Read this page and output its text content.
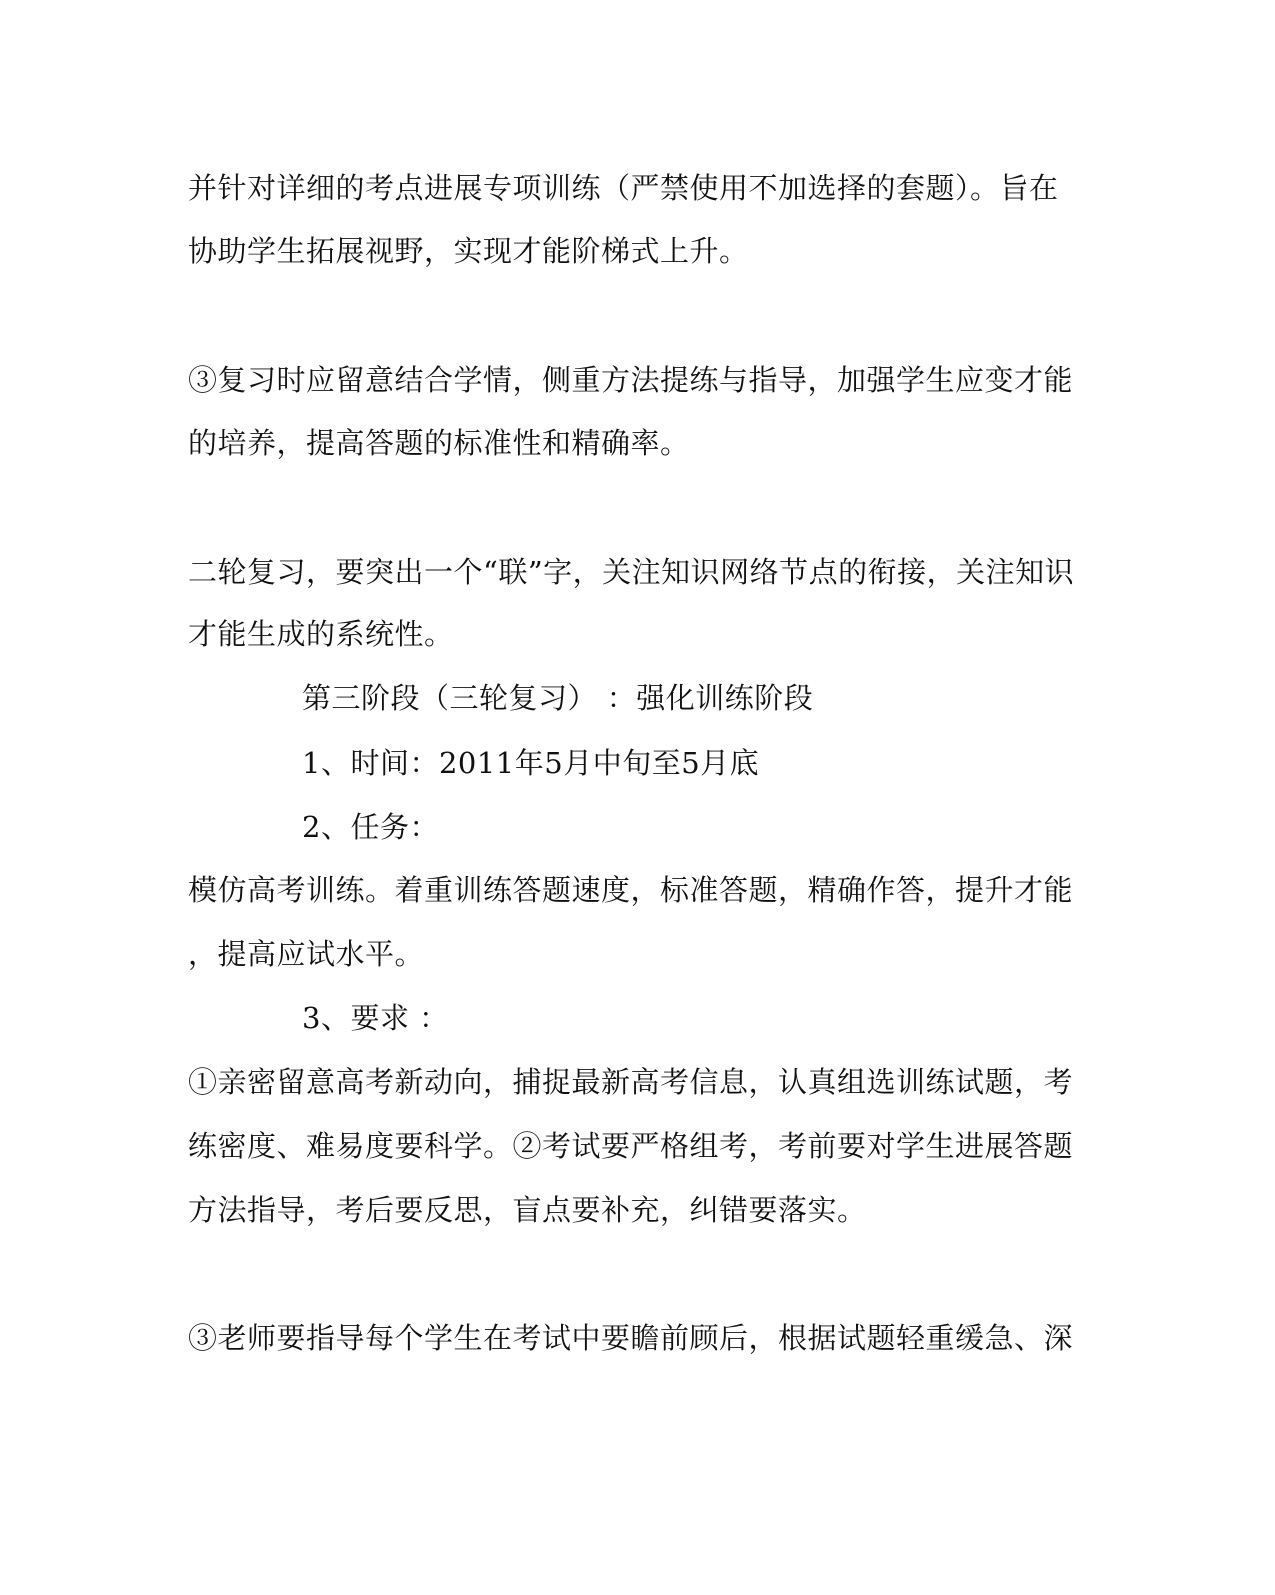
并针对详细的考点进展专项训练（严禁使用不加选择的套题）。旨在
协助学生拓展视野，实现才能阶梯式上升。
③复习时应留意结合学情，侧重方法提练与指导，加强学生应变才能
的培养，提高答题的标准性和精确率。
二轮复习，要突出一个“联”字，关注知识网络节点的衔接，关注知识
才能生成的系统性。
第三阶段（三轮复习） ：强化训练阶段
1、时间：2011年5月中旬至5月底
2、任务：
模仿高考训练。着重训练答题速度，标准答题，精确作答，提升才能
，提高应试水平。
3、要求 ：
①亲密留意高考新动向，捕捉最新高考信息，认真组选训练试题，考
练密度、难易度要科学。②考试要严格组考，考前要对学生进展答题
方法指导，考后要反思，盲点要补充，纠错要落实。
③老师要指导每个学生在考试中要瞻前顾后，根据试题轻重缓急、深
